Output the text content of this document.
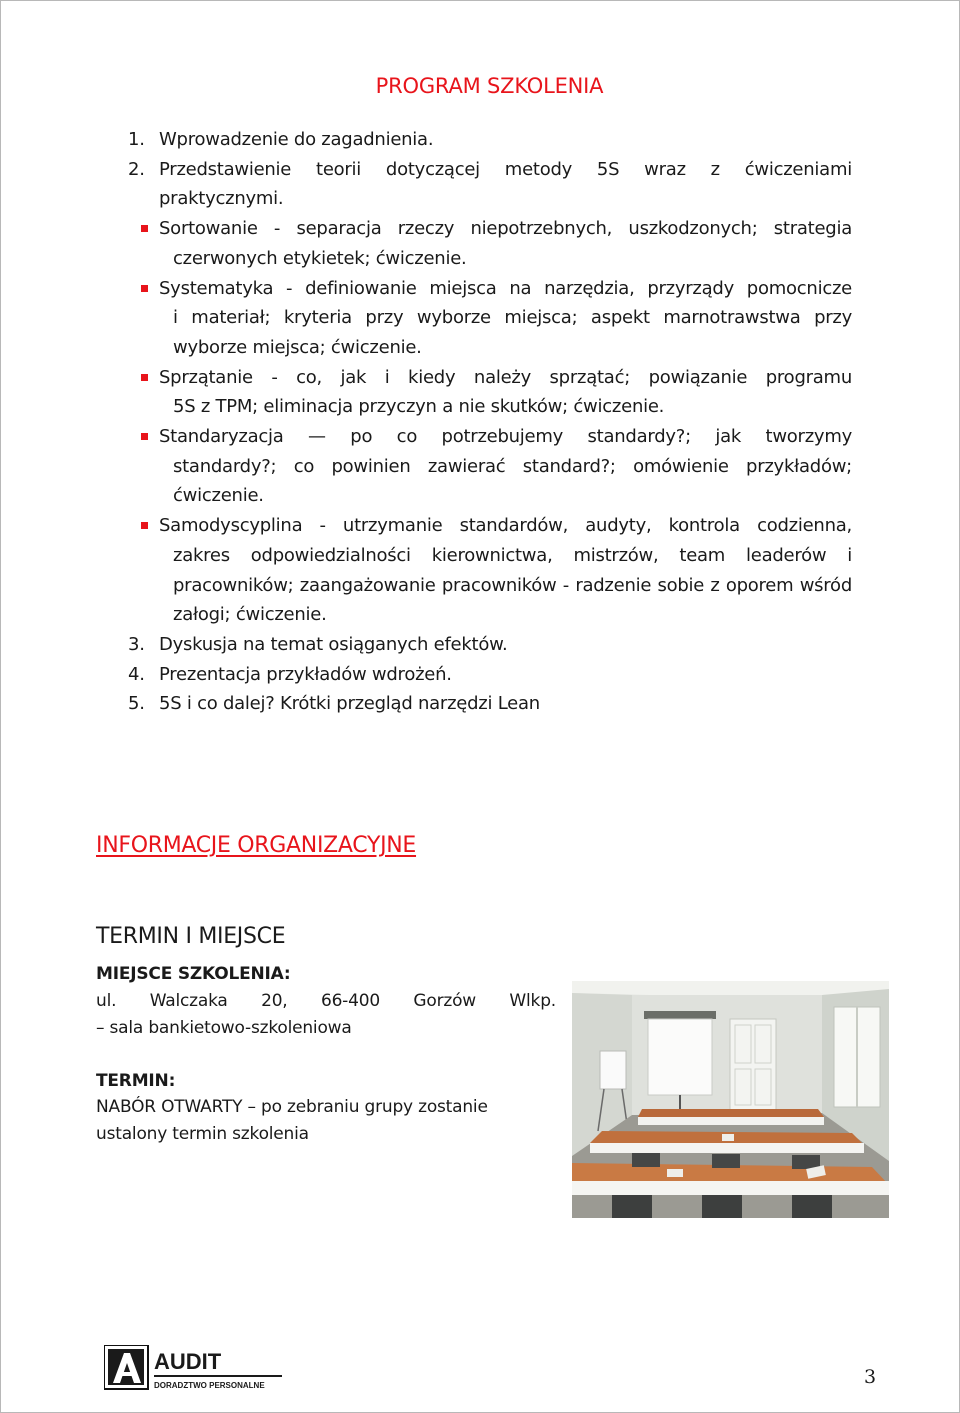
PROGRAM SZKOLENIA
1. Wprowadzenie do zagadnienia.
2. Przedstawienie teorii dotyczącej metody 5S wraz z ćwiczeniami
praktycznymi.
Sortowanie - separacja rzeczy niepotrzebnych, uszkodzonych; strategia
czerwonych etykietek; ćwiczenie.
Systematyka - definiowanie miejsca na narzędzia, przyrządy pomocnicze
i materiał; kryteria przy wyborze miejsca; aspekt marnotrawstwa przy wyborze miejsca; ćwiczenie.
Sprzątanie - co, jak i kiedy należy sprzątać; powiązanie programu
5S z TPM; eliminacja przyczyn a nie skutków; ćwiczenie.
Standaryzacja — po co potrzebujemy standardy?; jak tworzymy
standardy?; co powinien zawierać standard?; omówienie przykładów; ćwiczenie.
Samodyscyplina - utrzymanie standardów, audyty, kontrola codzienna,
zakres odpowiedzialności kierownictwa, mistrzów, team leaderów i pracowników; zaangażowanie pracowników - radzenie sobie z oporem wśród załogi; ćwiczenie.
3. Dyskusja na temat osiąganych efektów.
4. Prezentacja przykładów wdrożeń.
5. 5S i co dalej? Krótki przegląd narzędzi Lean
INFORMACJE ORGANIZACYJNE
TERMIN I MIEJSCE
MIEJSCE SZKOLENIA:
ul.  Walczaka  20,  66-400  Gorzów  Wlkp.
– sala bankietowo-szkoleniowa
TERMIN:
NABÓR OTWARTY – po zebraniu grupy zostanie
ustalony termin szkolenia
AUDIT
DORADZTWO PERSONALNE	3
